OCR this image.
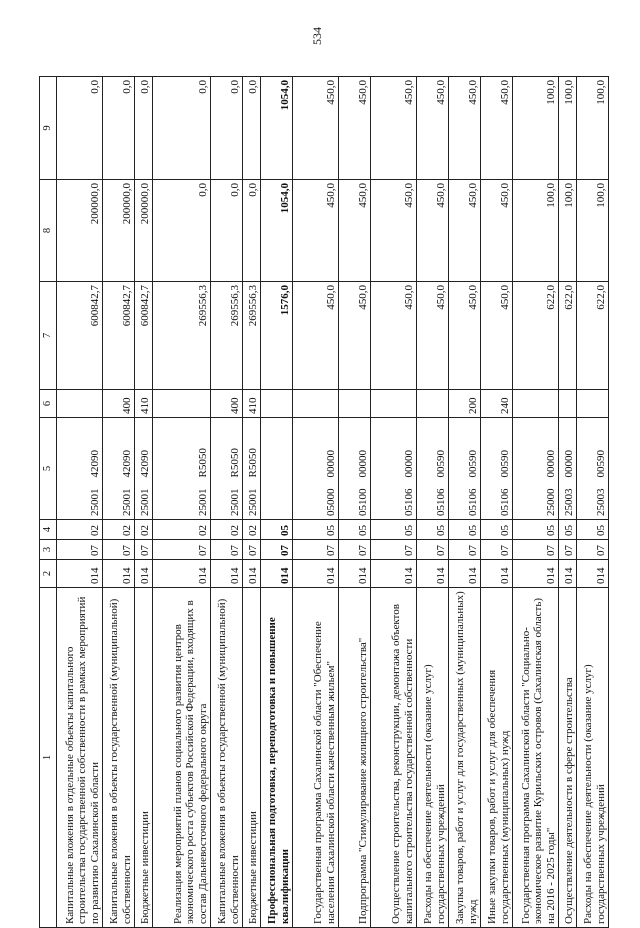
534
1	2	3	4	5	6	7	8	9
Капитальные вложения в отдельные объекты капитального строительства государственной собственности в рамках мероприятий по развитию Сахалинской области	014	07	02	25001    42090		600842,7	200000,0	0,0
Капитальные вложения в объекты государственной (муниципальной) собственности	014	07	02	25001    42090	400	600842,7	200000,0	0,0
Бюджетные инвестиции	014	07	02	25001    42090	410	600842,7	200000,0	0,0
Реализация мероприятий планов социального развития центров экономического роста субъектов Российской Федерации, входящих в состав Дальневосточного федерального округа	014	07	02	25001    R5050		269556,3	0,0	0,0
Капитальные вложения в объекты государственной (муниципальной) собственности	014	07	02	25001    R5050	400	269556,3	0,0	0,0
Бюджетные инвестиции	014	07	02	25001    R5050	410	269556,3	0,0	0,0
Профессиональная подготовка, переподготовка и повышение квалификации	014	07	05			1576,0	1054,0	1054,0
Государственная программа Сахалинской области "Обеспечение населения Сахалинской области качественным жильем"	014	07	05	05000    00000		450,0	450,0	450,0
Подпрограмма "Стимулирование жилищного строительства"	014	07	05	05100    00000		450,0	450,0	450,0
Осуществление строительства, реконструкции, демонтажа объектов капитального строительства государственной собственности	014	07	05	05106    00000		450,0	450,0	450,0
Расходы на обеспечение деятельности (оказание услуг) государственных учреждений	014	07	05	05106    00590		450,0	450,0	450,0
Закупка товаров, работ и услуг для государственных (муниципальных) нужд	014	07	05	05106    00590	200	450,0	450,0	450,0
Иные закупки товаров, работ и услуг для обеспечения государственных (муниципальных) нужд	014	07	05	05106    00590	240	450,0	450,0	450,0
Государственная программа Сахалинской области "Социально-экономическое развитие Курильских островов (Сахалинская область) на 2016 - 2025 годы"	014	07	05	25000    00000		622,0	100,0	100,0
Осуществление деятельности в сфере строительства	014	07	05	25003    00000		622,0	100,0	100,0
Расходы на обеспечение деятельности (оказание услуг) государственных учреждений	014	07	05	25003    00590		622,0	100,0	100,0
